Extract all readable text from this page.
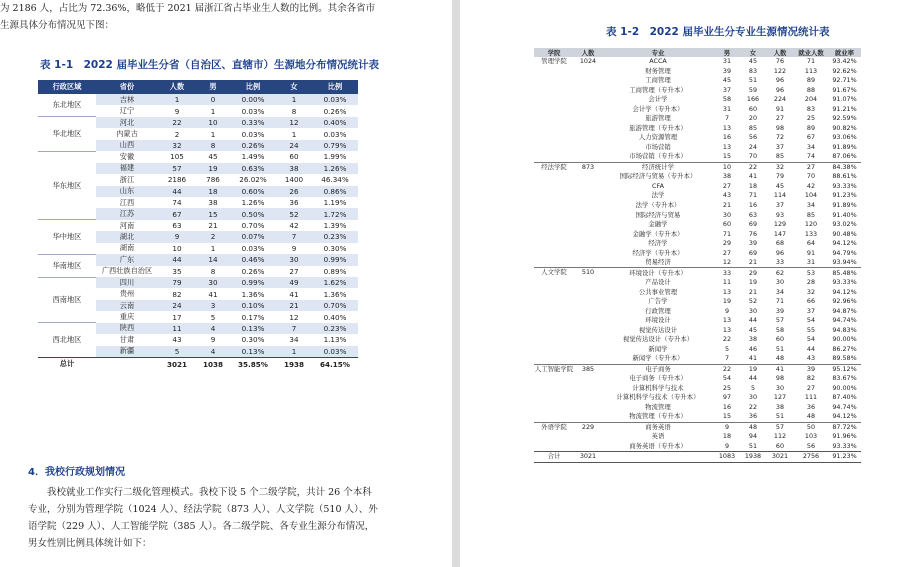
为 2186 人，占比为 72.36%，略低于 2021 届浙江省占毕业生人数的比例。其余各省市生源具体分布情况见下图：

表 1-1　2022 届毕业生分省（自治区、直辖市）生源地分布情况统计表
行政区域	省份	人数	男	比例	女	比例
东北地区	吉林	1	0	0.00%	1	0.03%
	辽宁	9	1	0.03%	8	0.26%
华北地区	河北	22	10	0.33%	12	0.40%
	内蒙古	2	1	0.03%	1	0.03%
	山西	32	8	0.26%	24	0.79%
华东地区	安徽	105	45	1.49%	60	1.99%
	福建	57	19	0.63%	38	1.26%
	浙江	2186	786	26.02%	1400	46.34%
	山东	44	18	0.60%	26	0.86%
	江西	74	38	1.26%	36	1.19%
	江苏	67	15	0.50%	52	1.72%
华中地区	河南	63	21	0.70%	42	1.39%
	湖北	9	2	0.07%	7	0.23%
	湖南	10	1	0.03%	9	0.30%
华南地区	广东	44	14	0.46%	30	0.99%
	广西壮族自治区	35	8	0.26%	27	0.89%
西南地区	四川	79	30	0.99%	49	1.62%
	贵州	82	41	1.36%	41	1.36%
	云南	24	3	0.10%	21	0.70%
	重庆	17	5	0.17%	12	0.40%
西北地区	陕西	11	4	0.13%	7	0.23%
	甘肃	43	9	0.30%	34	1.13%
	新疆	5	4	0.13%	1	0.03%
总计		3021	1038	35.85%	1938	64.15%
4．我校行政规划情况

　　我校就业工作实行二级化管理模式。我校下设 5 个二级学院，共计 26 个本科专业，分别为管理学院（1024 人）、经法学院（873 人）、人文学院（510 人）、外语学院（229 人）、人工智能学院（385 人）。各二级学院、各专业生源分布情况，男女性别比例具体统计如下：

表 1-2　2022 届毕业生分专业生源情况统计表
学院	人数	专业	男	女	人数	就业人数	就业率
管理学院	1024	ACCA	31	45	76	71	93.42%
		财务管理	39	83	122	113	92.62%
		工商管理	45	51	96	89	92.71%
		工商管理（专升本）	37	59	96	88	91.67%
		会计学	58	166	224	204	91.07%
		会计学（专升本）	31	60	91	83	91.21%
		旅游管理	7	20	27	25	92.59%
		旅游管理（专升本）	13	85	98	89	90.82%
		人力资源管理	16	56	72	67	93.06%
		市场营销	13	24	37	34	91.89%
		市场营销（专升本）	15	70	85	74	87.06%
经法学院	873	经济统计学	10	22	32	27	84.38%
		国际经济与贸易（专升本）	38	41	79	70	88.61%
		CFA	27	18	45	42	93.33%
		法学	43	71	114	104	91.23%
		法学（专升本）	21	16	37	34	91.89%
		国际经济与贸易	30	63	93	85	91.40%
		金融学	60	69	129	120	93.02%
		金融学（专升本）	71	76	147	133	90.48%
		经济学	29	39	68	64	94.12%
		经济学（专升本）	27	69	96	91	94.79%
		贸易经济	12	21	33	31	93.94%
人文学院	510	环境设计（专升本）	33	29	62	53	85.48%
		产品设计	11	19	30	28	93.33%
		公共事业管理	13	21	34	32	94.12%
		广告学	19	52	71	66	92.96%
		行政管理	9	30	39	37	94.87%
		环境设计	13	44	57	54	94.74%
		视觉传达设计	13	45	58	55	94.83%
		视觉传达设计（专升本）	22	38	60	54	90.00%
		新闻学	5	46	51	44	86.27%
		新闻学（专升本）	7	41	48	43	89.58%
人工智能学院	385	电子商务	22	19	41	39	95.12%
		电子商务（专升本）	54	44	98	82	83.67%
		计算机科学与技术	25	5	30	27	90.00%
		计算机科学与技术（专升本）	97	30	127	111	87.40%
		物流管理	16	22	38	36	94.74%
		物流管理（专升本）	15	36	51	48	94.12%
外语学院	229	商务英语	9	48	57	50	87.72%
		英语	18	94	112	103	91.96%
		商务英语（专升本）	9	51	60	56	93.33%
合计	3021		1083	1938	3021	2756	91.23%
